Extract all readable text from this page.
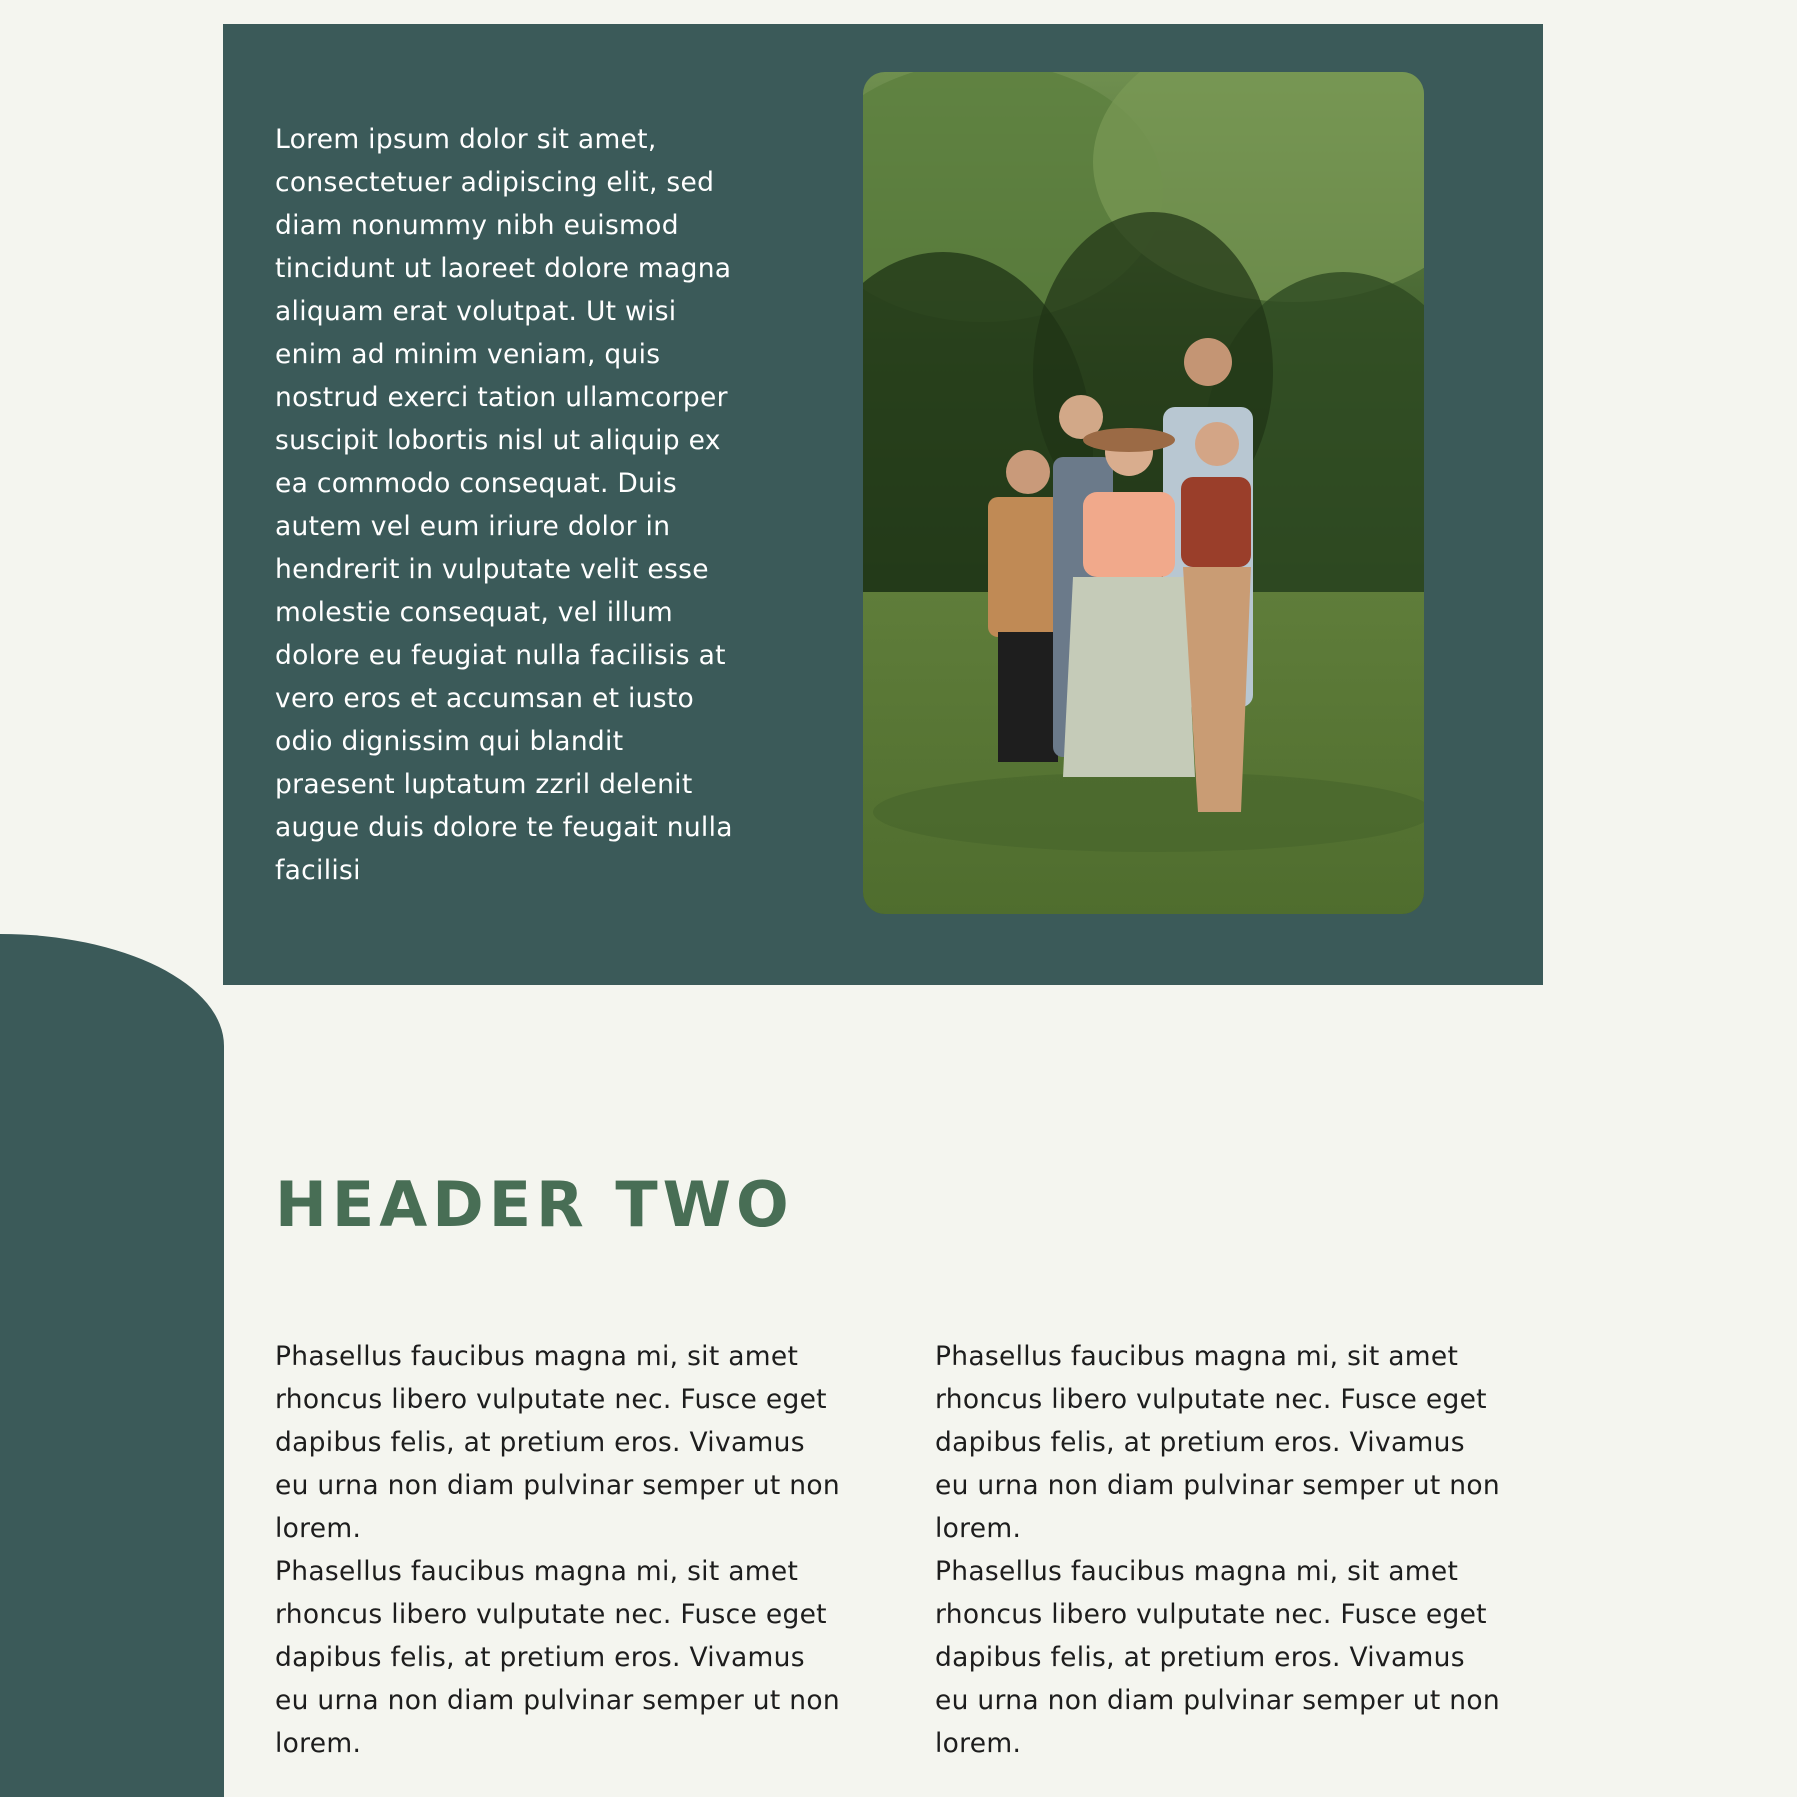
Lorem ipsum dolor sit amet, consectetuer adipiscing elit, sed diam nonummy nibh euismod tincidunt ut laoreet dolore magna aliquam erat volutpat. Ut wisi enim ad minim veniam, quis nostrud exerci tation ullamcorper suscipit lobortis nisl ut aliquip ex ea commodo consequat. Duis autem vel eum iriure dolor in hendrerit in vulputate velit esse molestie consequat, vel illum dolore eu feugiat nulla facilisis at vero eros et accumsan et iusto odio dignissim qui blandit praesent luptatum zzril delenit augue duis dolore te feugait nulla facilisi

HEADER TWO

Phasellus faucibus magna mi, sit amet rhoncus libero vulputate nec. Fusce eget dapibus felis, at pretium eros. Vivamus eu urna non diam pulvinar semper ut non lorem.

Phasellus faucibus magna mi, sit amet rhoncus libero vulputate nec. Fusce eget dapibus felis, at pretium eros. Vivamus eu urna non diam pulvinar semper ut non lorem.

Phasellus faucibus magna mi, sit amet rhoncus libero vulputate nec. Fusce eget dapibus felis, at pretium eros. Vivamus eu urna non diam pulvinar semper ut non lorem.

Phasellus faucibus magna mi, sit amet rhoncus libero vulputate nec. Fusce eget dapibus felis, at pretium eros. Vivamus eu urna non diam pulvinar semper ut non lorem.
